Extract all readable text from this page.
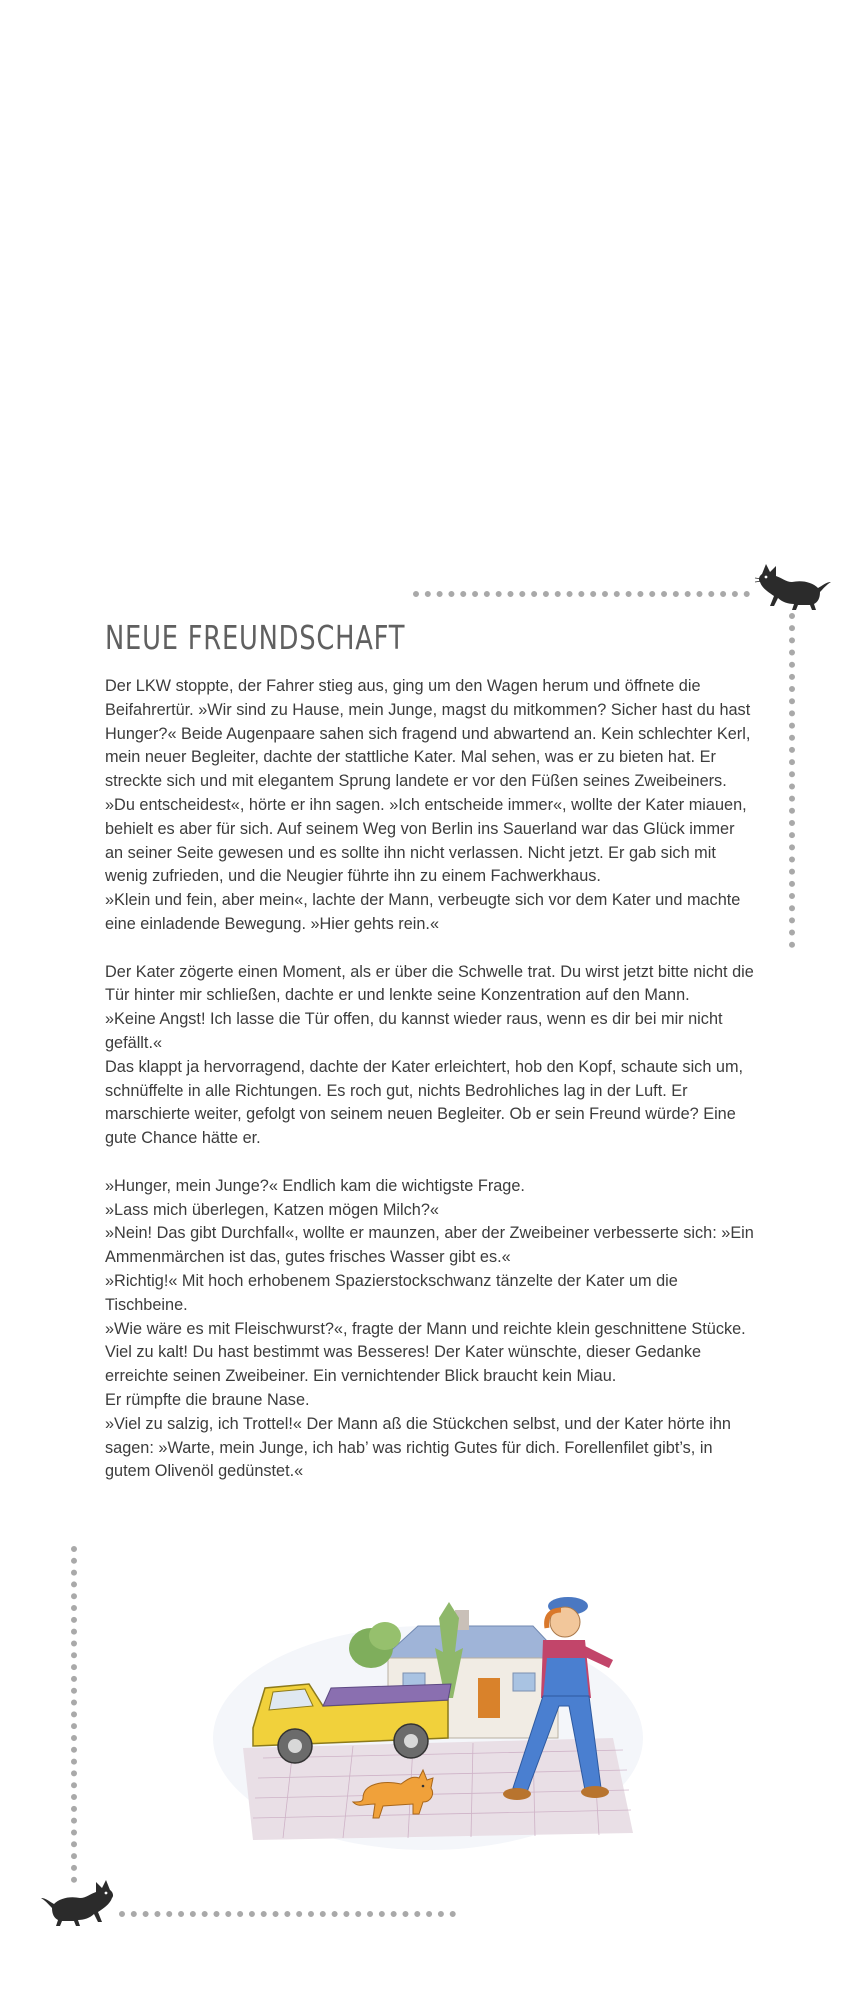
NEUE FREUNDSCHAFT

Der LKW stoppte, der Fahrer stieg aus, ging um den Wagen herum und öffnete die Beifahrertür. »Wir sind zu Hause, mein Junge, magst du mitkommen? Sicher hast du hast Hunger?« Beide Augenpaare sahen sich fragend und abwartend an. Kein schlechter Kerl, mein neuer Begleiter, dachte der stattliche Kater. Mal sehen, was er zu bieten hat. Er streckte sich und mit elegantem Sprung landete er vor den Füßen seines Zweibeiners.

»Du entscheidest«, hörte er ihn sagen. »Ich entscheide immer«, wollte der Kater miauen, behielt es aber für sich. Auf seinem Weg von Berlin ins Sauerland war das Glück immer an seiner Seite gewesen und es sollte ihn nicht verlassen. Nicht jetzt. Er gab sich mit wenig zufrieden, und die Neugier führte ihn zu einem Fachwerkhaus.

»Klein und fein, aber mein«, lachte der Mann, verbeugte sich vor dem Kater und machte eine einladende Bewegung. »Hier gehts rein.«

Der Kater zögerte einen Moment, als er über die Schwelle trat. Du wirst jetzt bitte nicht die Tür hinter mir schließen, dachte er und lenkte seine Konzentration auf den Mann.

»Keine Angst! Ich lasse die Tür offen, du kannst wieder raus, wenn es dir bei mir nicht gefällt.«

Das klappt ja hervorragend, dachte der Kater erleichtert, hob den Kopf, schaute sich um, schnüffelte in alle Richtungen. Es roch gut, nichts Bedrohliches lag in der Luft. Er marschierte weiter, gefolgt von seinem neuen Begleiter. Ob er sein Freund würde? Eine gute Chance hätte er.

»Hunger, mein Junge?« Endlich kam die wichtigste Frage.

»Lass mich überlegen, Katzen mögen Milch?«

»Nein! Das gibt Durchfall«, wollte er maunzen, aber der Zweibeiner verbesserte sich: »Ein Ammenmärchen ist das, gutes frisches Wasser gibt es.«

»Richtig!« Mit hoch erhobenem Spazierstockschwanz tänzelte der Kater um die Tischbeine.

»Wie wäre es mit Fleischwurst?«, fragte der Mann und reichte klein geschnittene Stücke. Viel zu kalt! Du hast bestimmt was Besseres! Der Kater wünschte, dieser Gedanke erreichte seinen Zweibeiner. Ein vernichtender Blick braucht kein Miau.

Er rümpfte die braune Nase.

»Viel zu salzig, ich Trottel!« Der Mann aß die Stückchen selbst, und der Kater hörte ihn sagen: »Warte, mein Junge, ich hab’ was richtig Gutes für dich. Forellenfilet gibt’s, in gutem Olivenöl gedünstet.«
